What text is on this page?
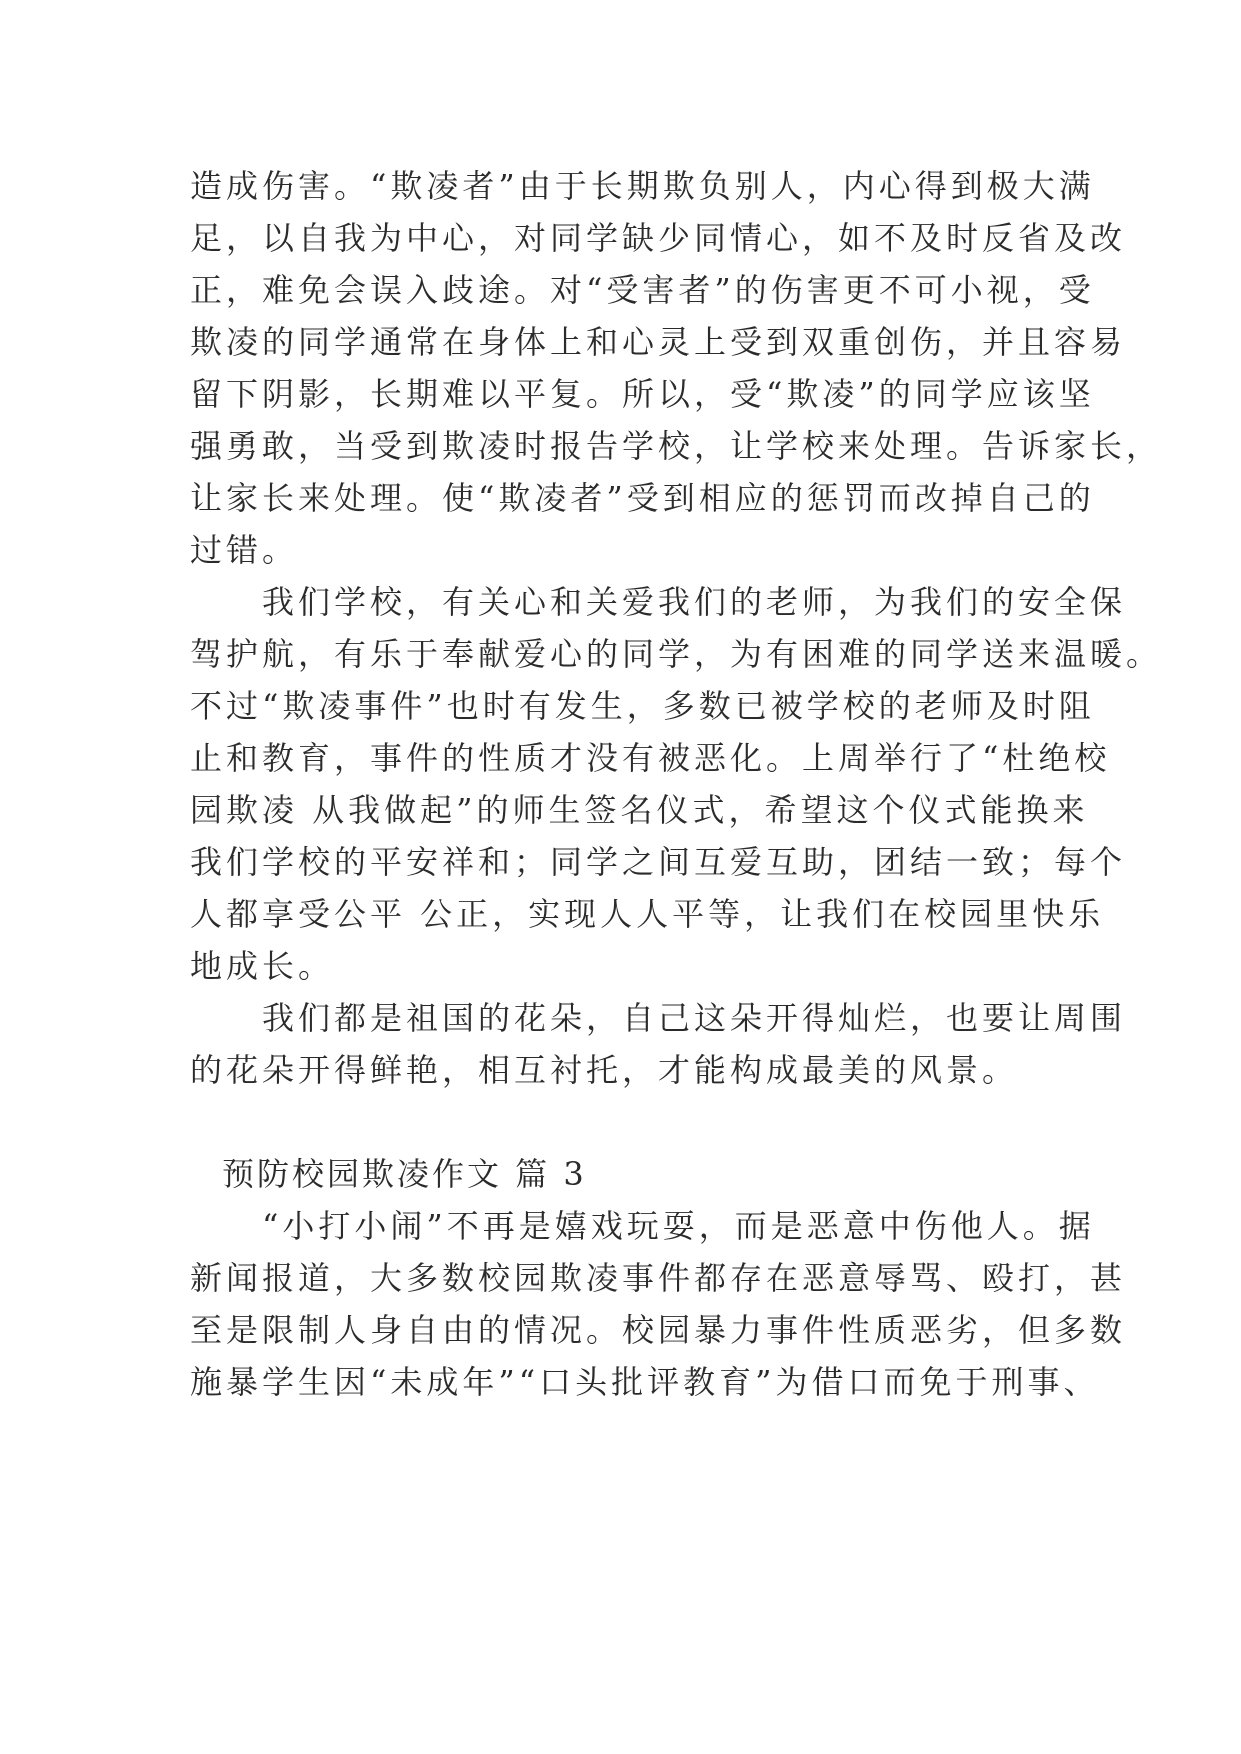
造成伤害。“欺凌者”由于长期欺负别人，内心得到极大满
足，以自我为中心，对同学缺少同情心，如不及时反省及改
正，难免会误入歧途。对“受害者”的伤害更不可小视，受
欺凌的同学通常在身体上和心灵上受到双重创伤，并且容易
留下阴影，长期难以平复。所以，受“欺凌”的同学应该坚
强勇敢，当受到欺凌时报告学校，让学校来处理。告诉家长，
让家长来处理。使“欺凌者”受到相应的惩罚而改掉自己的
过错。
我们学校，有关心和关爱我们的老师，为我们的安全保
驾护航，有乐于奉献爱心的同学，为有困难的同学送来温暖。
不过“欺凌事件”也时有发生，多数已被学校的老师及时阻
止和教育，事件的性质才没有被恶化。上周举行了“杜绝校
园欺凌 从我做起”的师生签名仪式，希望这个仪式能换来
我们学校的平安祥和；同学之间互爱互助，团结一致；每个
人都享受公平 公正，实现人人平等，让我们在校园里快乐
地成长。
我们都是祖国的花朵，自己这朵开得灿烂，也要让周围
的花朵开得鲜艳，相互衬托，才能构成最美的风景。
预防校园欺凌作文 篇 3
“小打小闹”不再是嬉戏玩耍，而是恶意中伤他人。据
新闻报道，大多数校园欺凌事件都存在恶意辱骂、殴打，甚
至是限制人身自由的情况。校园暴力事件性质恶劣，但多数
施暴学生因“未成年”“口头批评教育”为借口而免于刑事、
